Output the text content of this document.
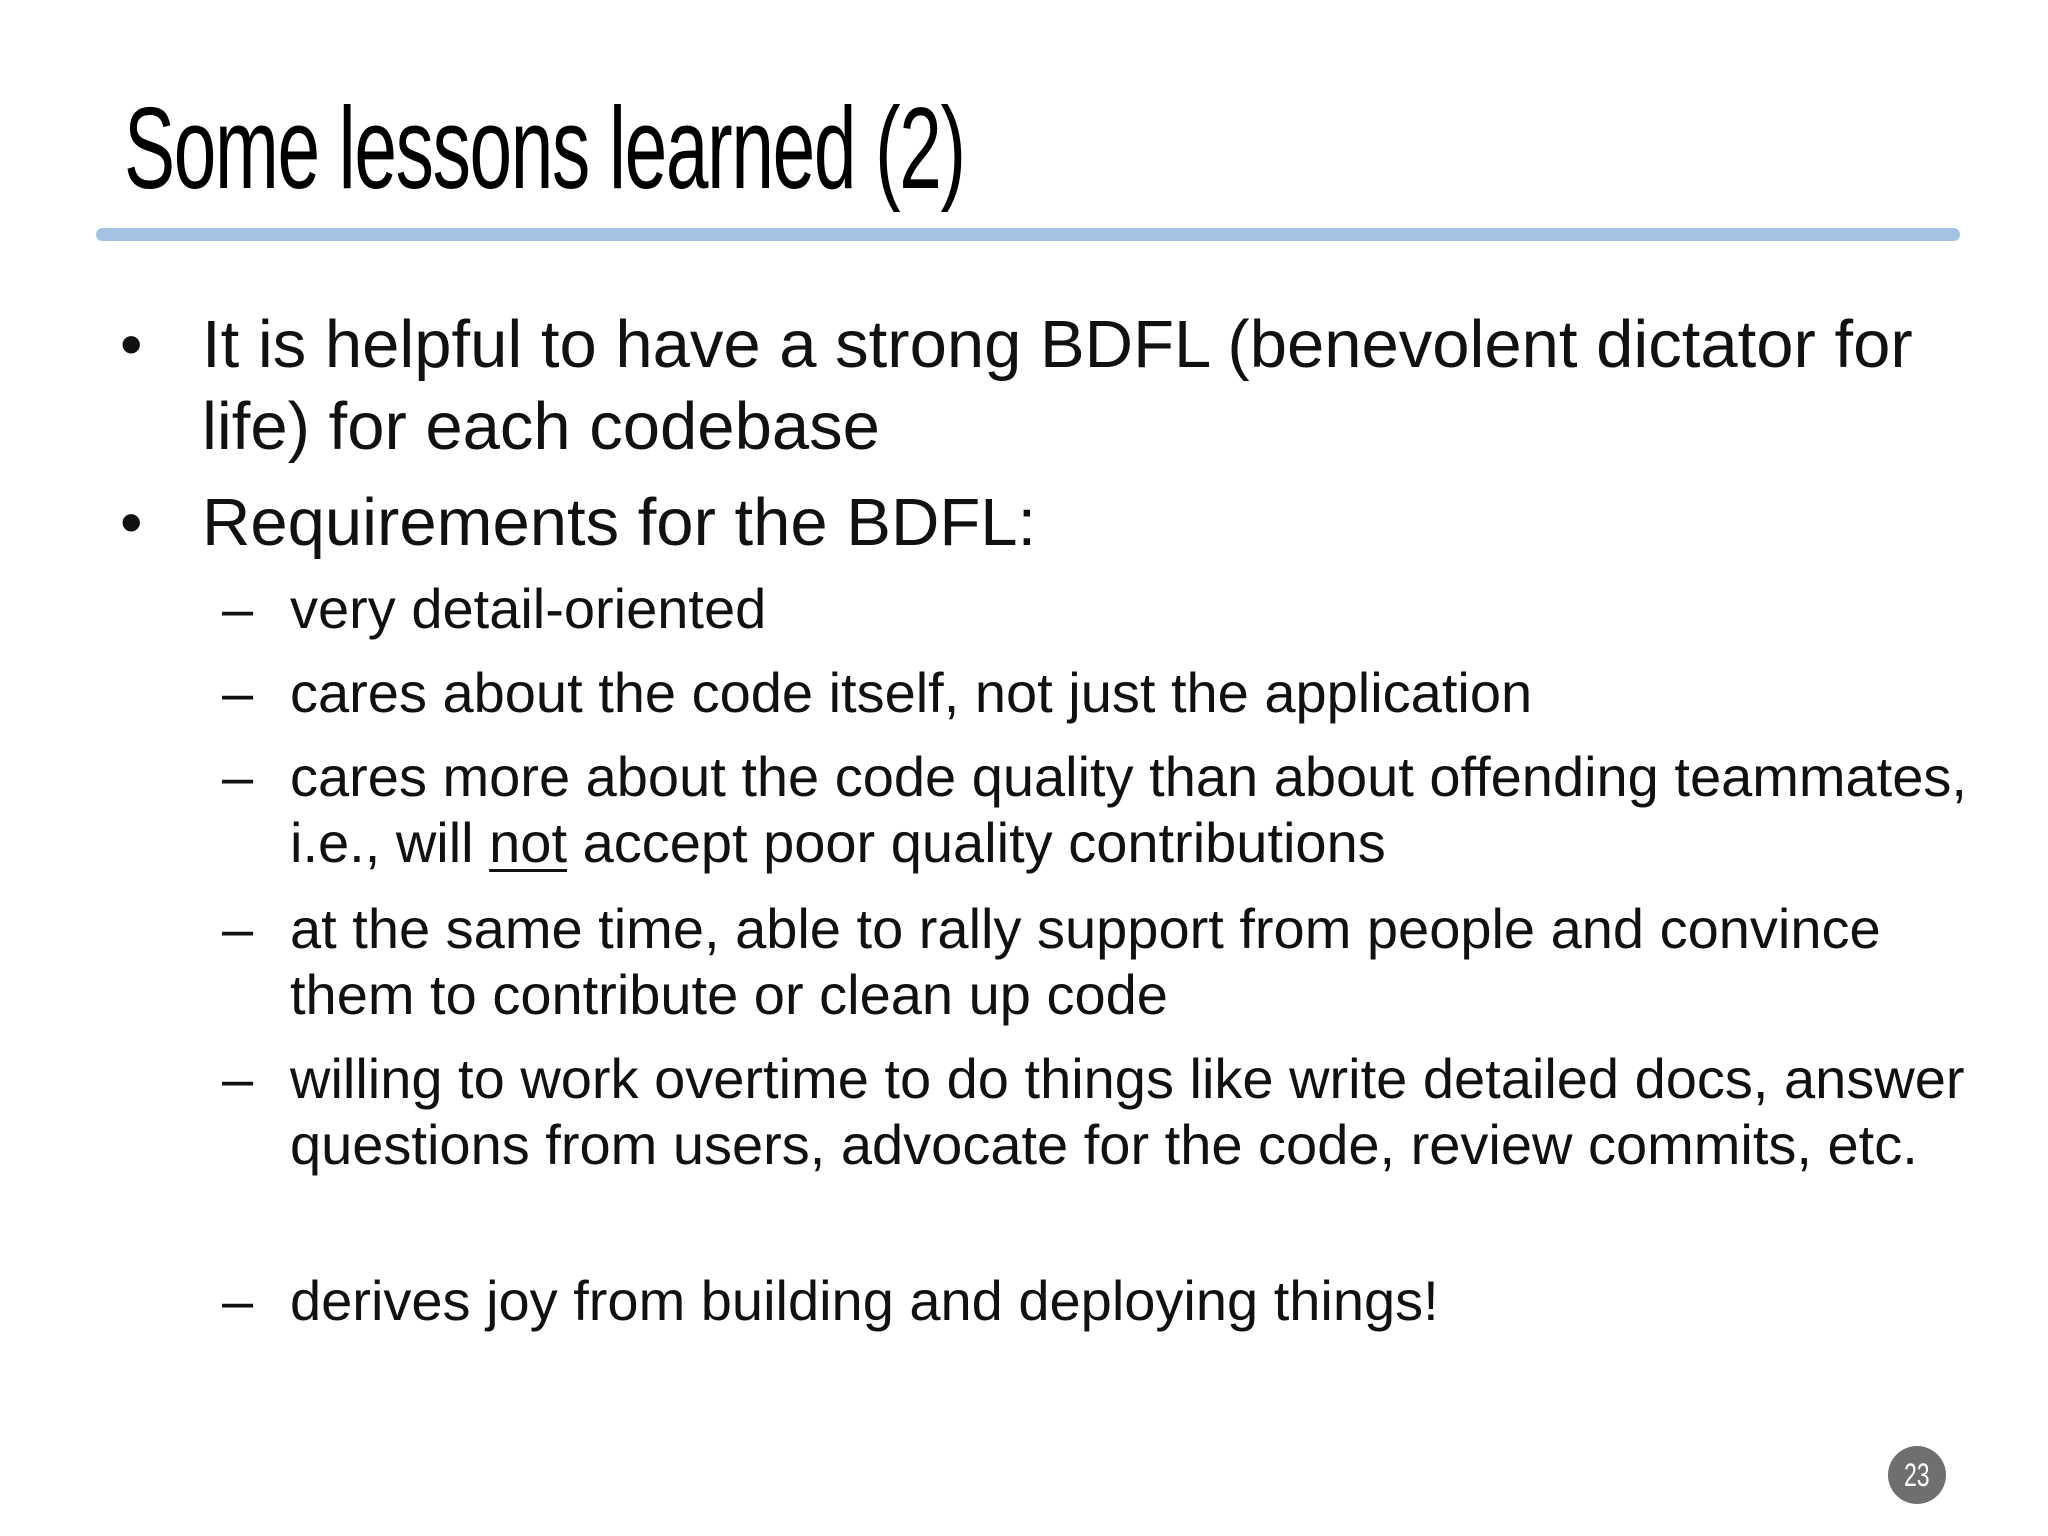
Some lessons learned (2)
• It is helpful to have a strong BDFL (benevolent dictator for life) for each codebase
• Requirements for the BDFL:
– very detail-oriented
– cares about the code itself, not just the application
– cares more about the code quality than about offending teammates, i.e., will not accept poor quality contributions
– at the same time, able to rally support from people and convince them to contribute or clean up code
– willing to work overtime to do things like write detailed docs, answer questions from users, advocate for the code, review commits, etc.
– derives joy from building and deploying things!
23
